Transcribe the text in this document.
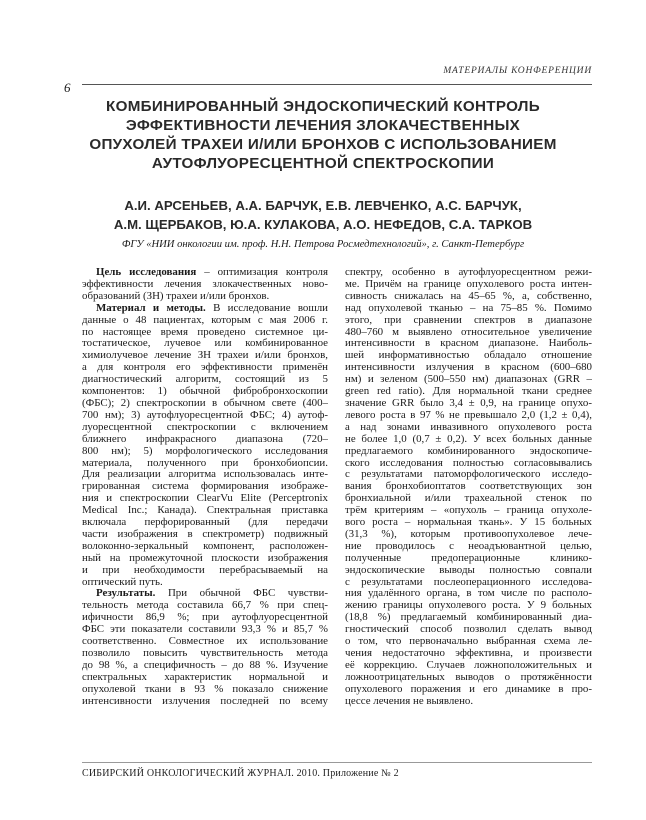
МАТЕРИАЛЫ КОНФЕРЕНЦИИ
6
КОМБИНИРОВАННЫЙ ЭНДОСКОПИЧЕСКИЙ КОНТРОЛЬ
ЭФФЕКТИВНОСТИ ЛЕЧЕНИЯ ЗЛОКАЧЕСТВЕННЫХ
ОПУХОЛЕЙ ТРАХЕИ И/ИЛИ БРОНХОВ С ИСПОЛЬЗОВАНИЕМ
АУТОФЛУОРЕСЦЕНТНОЙ СПЕКТРОСКОПИИ
А.И. АРСЕНЬЕВ, А.А. БАРЧУК, Е.В. ЛЕВЧЕНКО, А.С. БАРЧУК,
А.М. ЩЕРБАКОВ, Ю.А. КУЛАКОВА, А.О. НЕФЕДОВ, С.А. ТАРКОВ
ФГУ «НИИ онкологии им. проф. Н.Н. Петрова Росмедтехнологий», г. Санкт-Петербург
Цель исследования – оптимизация контроля
эффективности лечения злокачественных ново-
образований (ЗН) трахеи и/или бронхов.
Материал и методы. В исследование вошли
данные о 48 пациентах, которым с мая 2006 г.
по настоящее время проведено системное ци-
тостатическое, лучевое или комбинированное
химиолучевое лечение ЗН трахеи и/или бронхов,
а для контроля его эффективности применён
диагностический алгоритм, состоящий из 5
компонентов: 1) обычной фибробронхоскопии
(ФБС); 2) спектроскопии в обычном свете (400–
700 нм); 3) аутофлуоресцентной ФБС; 4) аутоф-
луоресцентной спектроскопии с включением
ближнего инфракрасного диапазона (720–
800 нм); 5) морфологического исследования
материала, полученного при бронхобиопсии.
Для реализации алгоритма использовалась инте-
грированная система формирования изображе-
ния и спектроскопии ClearVu Elite (Perceptronix
Medical Inc.; Канада). Спектральная приставка
включала перфорированный (для передачи
части изображения в спектрометр) подвижный
волоконно-зеркальный компонент, расположен-
ный на промежуточной плоскости изображения
и при необходимости перебрасываемый на
оптический путь.
Результаты. При обычной ФБС чувстви-
тельность метода составила 66,7 % при спец-
ифичности 86,9 %; при аутофлуоресцентной
ФБС эти показатели составили 93,3 % и 85,7 %
соответственно. Совместное их использование
позволило повысить чувствительность метода
до 98 %, а специфичность – до 88 %. Изучение
спектральных характеристик нормальной и
опухолевой ткани в 93 % показало снижение
интенсивности излучения последней по всему
спектру, особенно в аутофлуоресцентном режи-
ме. Причём на границе опухолевого роста интен-
сивность снижалась на 45–65 %, а, собственно,
над опухолевой тканью – на 75–85 %. Помимо
этого, при сравнении спектров в диапазоне
480–760 м выявлено относительное увеличение
интенсивности в красном диапазоне. Наиболь-
шей информативностью обладало отношение
интенсивности излучения в красном (600–680
нм) и зеленом (500–550 нм) диапазонах (GRR –
green red ratio). Для нормальной ткани среднее
значение GRR было 3,4 ± 0,9, на границе опухо-
левого роста в 97 % не превышало 2,0 (1,2 ± 0,4),
а над зонами инвазивного опухолевого роста
не более 1,0 (0,7 ± 0,2). У всех больных данные
предлагаемого комбинированного эндоскопиче-
ского исследования полностью согласовывались
с результатами патоморфологического исследо-
вания бронхобиоптатов соответствующих зон
бронхиальной и/или трахеальной стенок по
трём критериям – «опухоль – граница опухоле-
вого роста – нормальная ткань». У 15 больных
(31,3 %), которым противоопухолевое лече-
ние проводилось с неоадъювантной целью,
полученные предоперационные клинико-
эндоскопические выводы полностью совпали
с результатами послеоперационного исследова-
ния удалённого органа, в том числе по располо-
жению границы опухолевого роста. У 9 больных
(18,8 %) предлагаемый комбинированный диа-
гностический способ позволил сделать вывод
о том, что первоначально выбранная схема ле-
чения недостаточно эффективна, и произвести
её коррекцию. Случаев ложноположительных и
ложноотрицательных выводов о протяжённости
опухолевого поражения и его динамике в про-
цессе лечения не выявлено.
СИБИРСКИЙ ОНКОЛОГИЧЕСКИЙ ЖУРНАЛ. 2010. Приложение № 2
